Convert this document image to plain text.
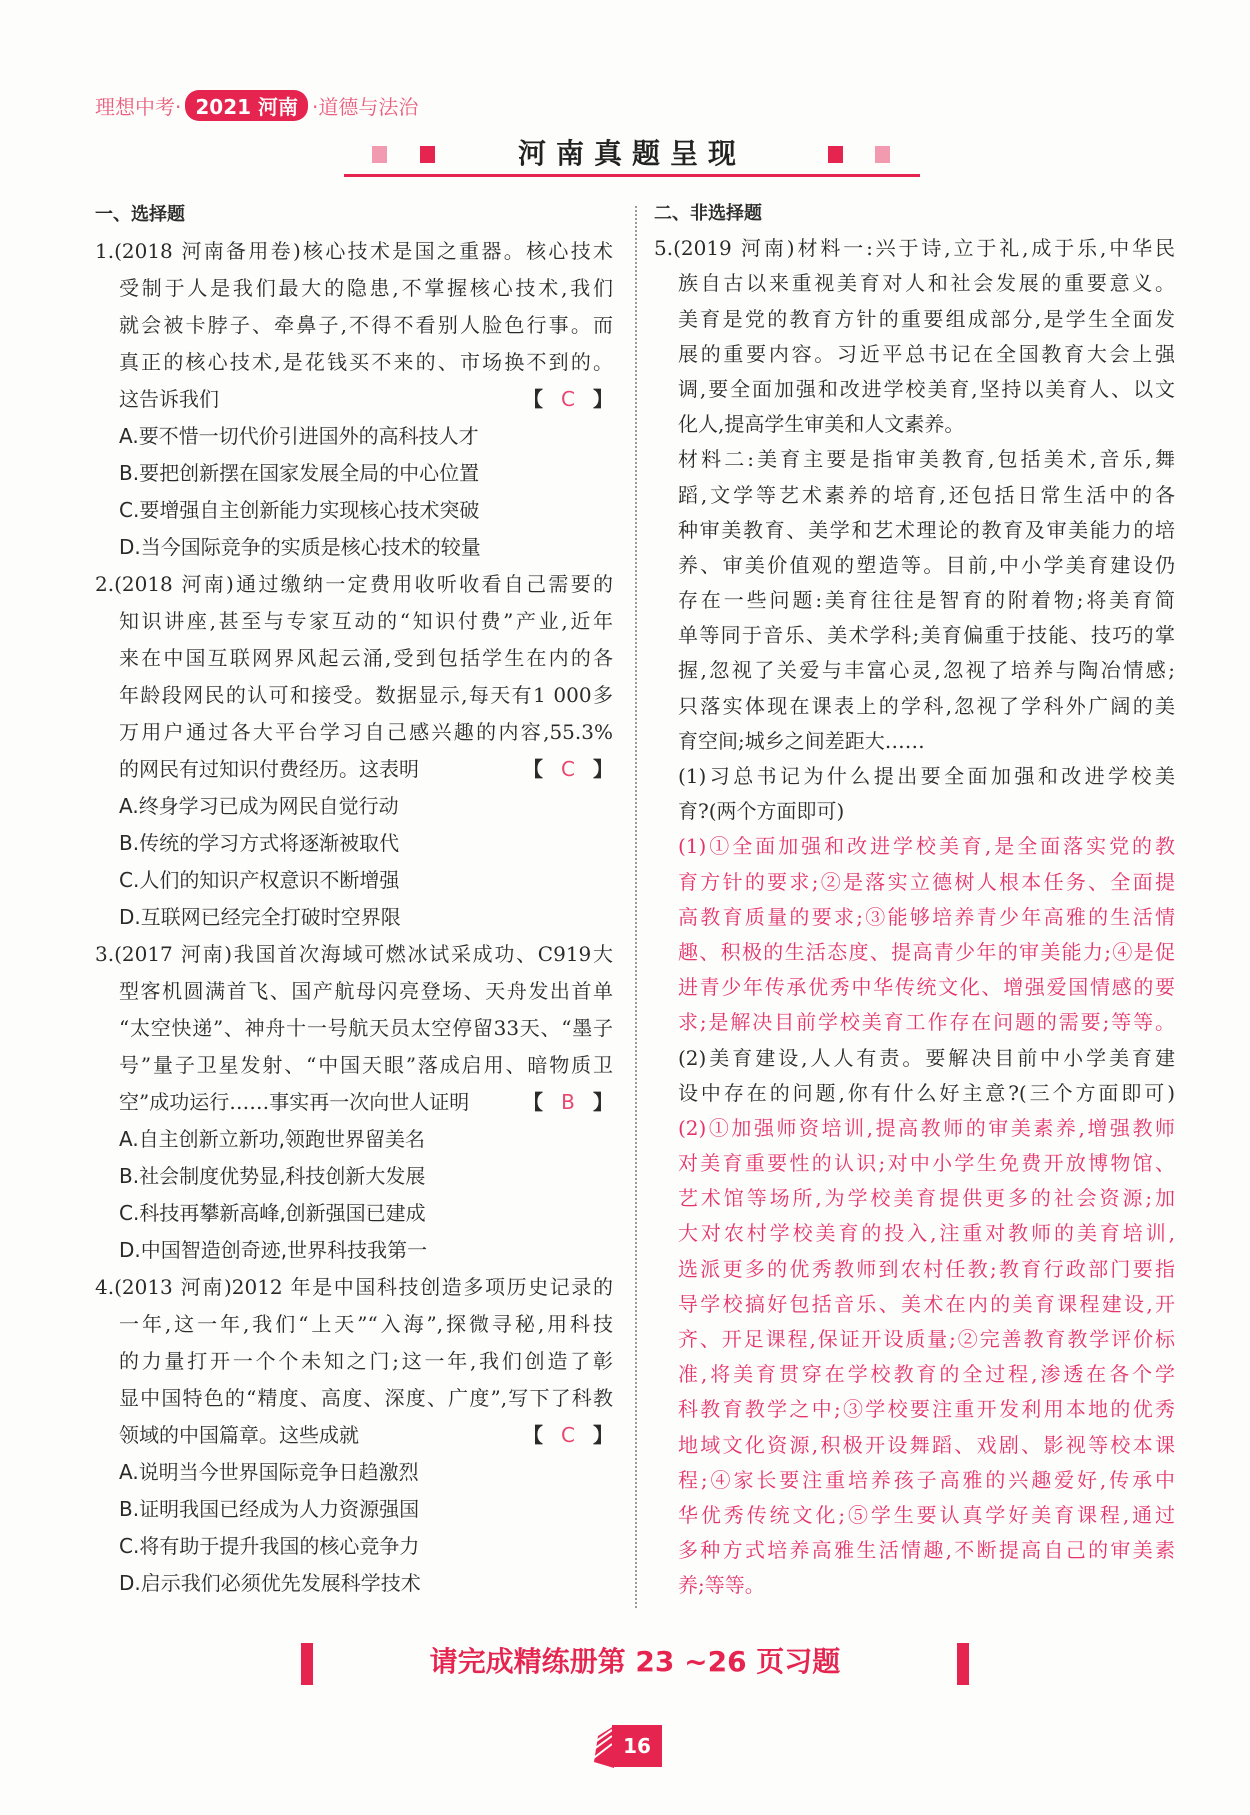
理想中考· 2021 河南 ·道德与法治
河南真题呈现
一、选择题
1.(2018 河南备用卷)核心技术是国之重器。核心技术
受制于人是我们最大的隐患,不掌握核心技术,我们
就会被卡脖子、牵鼻子,不得不看别人脸色行事。而
真正的核心技术,是花钱买不来的、市场换不到的。
这告诉我们	【 C 】
A.要不惜一切代价引进国外的高科技人才
B.要把创新摆在国家发展全局的中心位置
C.要增强自主创新能力实现核心技术突破
D.当今国际竞争的实质是核心技术的较量
2.(2018 河南)通过缴纳一定费用收听收看自己需要的
知识讲座,甚至与专家互动的“知识付费”产业,近年
来在中国互联网界风起云涌,受到包括学生在内的各
年龄段网民的认可和接受。数据显示,每天有1 000多
万用户通过各大平台学习自己感兴趣的内容,55.3%
的网民有过知识付费经历。这表明	【 C 】
A.终身学习已成为网民自觉行动
B.传统的学习方式将逐渐被取代
C.人们的知识产权意识不断增强
D.互联网已经完全打破时空界限
3.(2017 河南)我国首次海域可燃冰试采成功、C919大
型客机圆满首飞、国产航母闪亮登场、天舟发出首单
“太空快递”、神舟十一号航天员太空停留33天、“墨子
号”量子卫星发射、“中国天眼”落成启用、暗物质卫
空”成功运行……事实再一次向世人证明	【 B 】
A.自主创新立新功,领跑世界留美名
B.社会制度优势显,科技创新大发展
C.科技再攀新高峰,创新强国已建成
D.中国智造创奇迹,世界科技我第一
4.(2013 河南)2012 年是中国科技创造多项历史记录的
一年,这一年,我们“上天”“入海”,探微寻秘,用科技
的力量打开一个个未知之门;这一年,我们创造了彰
显中国特色的“精度、高度、深度、广度”,写下了科教
领域的中国篇章。这些成就	【 C 】
A.说明当今世界国际竞争日趋激烈
B.证明我国已经成为人力资源强国
C.将有助于提升我国的核心竞争力
D.启示我们必须优先发展科学技术
二、非选择题
5.(2019 河南)材料一:兴于诗,立于礼,成于乐,中华民
族自古以来重视美育对人和社会发展的重要意义。
美育是党的教育方针的重要组成部分,是学生全面发
展的重要内容。习近平总书记在全国教育大会上强
调,要全面加强和改进学校美育,坚持以美育人、以文
化人,提高学生审美和人文素养。
材料二:美育主要是指审美教育,包括美术,音乐,舞
蹈,文学等艺术素养的培育,还包括日常生活中的各
种审美教育、美学和艺术理论的教育及审美能力的培
养、审美价值观的塑造等。目前,中小学美育建设仍
存在一些问题:美育往往是智育的附着物;将美育简
单等同于音乐、美术学科;美育偏重于技能、技巧的掌
握,忽视了关爱与丰富心灵,忽视了培养与陶冶情感;
只落实体现在课表上的学科,忽视了学科外广阔的美
育空间;城乡之间差距大……
(1)习总书记为什么提出要全面加强和改进学校美
育?(两个方面即可)
(1)①全面加强和改进学校美育,是全面落实党的教
育方针的要求;②是落实立德树人根本任务、全面提
高教育质量的要求;③能够培养青少年高雅的生活情
趣、积极的生活态度、提高青少年的审美能力;④是促
进青少年传承优秀中华传统文化、增强爱国情感的要
求;是解决目前学校美育工作存在问题的需要;等等。
(2)美育建设,人人有责。要解决目前中小学美育建
设中存在的问题,你有什么好主意?(三个方面即可)
(2)①加强师资培训,提高教师的审美素养,增强教师
对美育重要性的认识;对中小学生免费开放博物馆、
艺术馆等场所,为学校美育提供更多的社会资源;加
大对农村学校美育的投入,注重对教师的美育培训,
选派更多的优秀教师到农村任教;教育行政部门要指
导学校搞好包括音乐、美术在内的美育课程建设,开
齐、开足课程,保证开设质量;②完善教育教学评价标
准,将美育贯穿在学校教育的全过程,渗透在各个学
科教育教学之中;③学校要注重开发利用本地的优秀
地域文化资源,积极开设舞蹈、戏剧、影视等校本课
程;④家长要注重培养孩子高雅的兴趣爱好,传承中
华优秀传统文化;⑤学生要认真学好美育课程,通过
多种方式培养高雅生活情趣,不断提高自己的审美素
养;等等。
请完成精练册第 23 ~26 页习题
16
